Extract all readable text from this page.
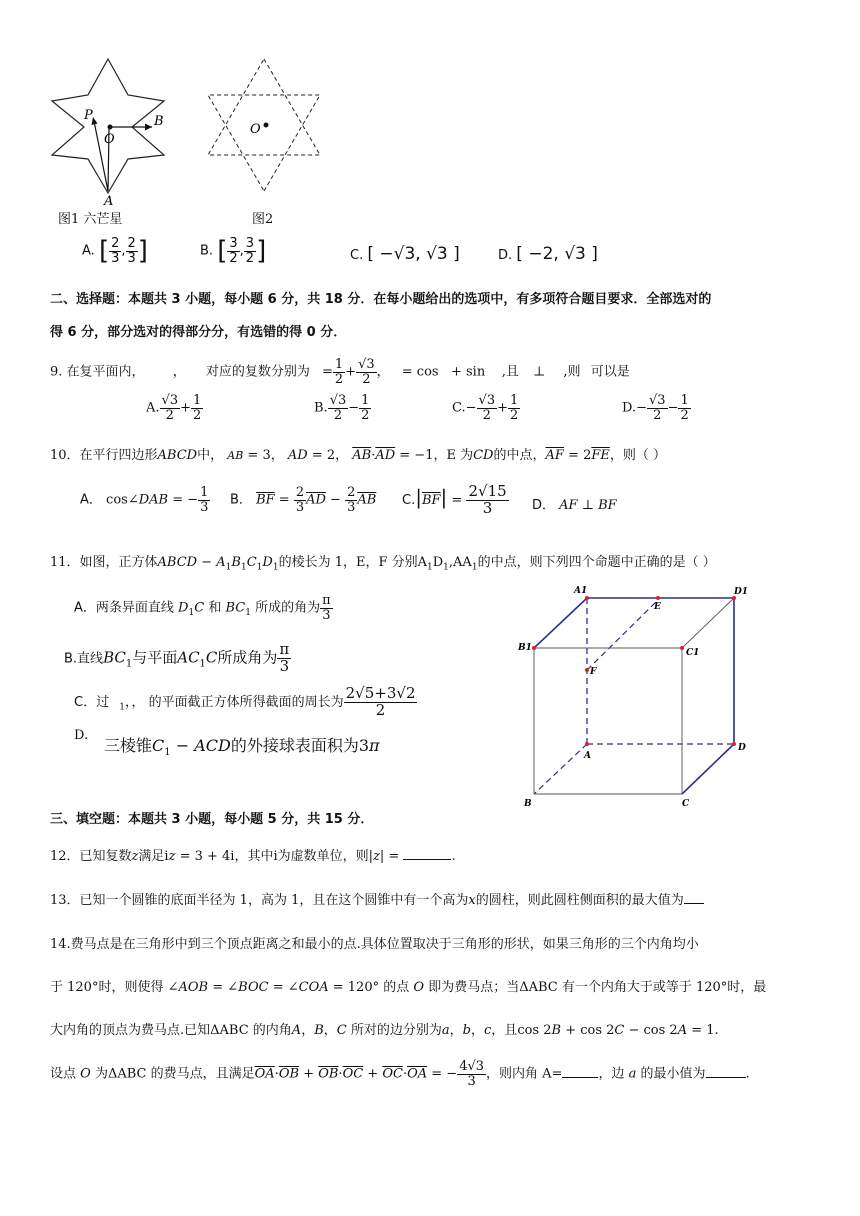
P
O
B
A
图1 六芒星
O
图2
A. [ $\frac{2}{3}$ , $\frac{2}{3}$ ]	B. [ $\frac{3}{2}$ , $\frac{3}{2}$ ]	C. [ −√3, √3 ]	D. [ −2, √3 ]
二、选择题：本题共 3 小题，每小题 6 分，共 18 分．在每小题给出的选项中，有多项符合题目要求．全部选对的
得 6 分，部分选对的得部分分，有选错的得 0 分．
9. 在复平面内， ， 对应的复数分别为 = $\frac{1}{2} + \frac{√3}{2}$ ， = cos   + sin    ,且 ⊥ ,则 可以是
A. $\frac{√3}{2} + \frac{1}{2}$	B. $\frac{√3}{2} - \frac{1}{2}$	$C.- \frac{√3}{2} + \frac{1}{2}$	$D.- \frac{√3}{2} - \frac{1}{2}$
10．在平行四边形ABCD中， AB = 3， AD = 2， $\overline{AB}\cdot\overline{AD} = -1$，E 为CD的中点，$\overline{AF} = 2\overline{FE}$，则（ ）
A． cos∠DAB = − $\frac{1}{3}$ B． $\overline{BF} = \frac{2}{3} \overline{AD} - \frac{2}{3} \overline{AB}$ $C.|\overline{BF}| = \frac{2√15}{3}$ D． AF ⊥ BF
11．如图，正方体ABCD − $A_1B_1C_1D_1$的棱长为 1，E，F 分别$A_1D_1,AA_1$的中点，则下列四个命题中正确的是（ ）
A．两条异面直线 $D_1C$ 和 $BC_1$ 所成的角为 $\frac{\pi}{3}$
B.直线$BC_1$与平面$AC_1C$所成角为 $\frac{\pi}{3}$
C．过 $_1$，， 的平面截正方体所得截面的周长为 $\frac{2√5+3√2}{2}$
D.
三棱锥$C_1$ − ACD的外接球表面积为3π
A1
E
D1
B1	C1
F
A
D
B	C
三、填空题：本题共 3 小题，每小题 5 分，共 15 分．
12．已知复数z满足iz = 3 + 4i，其中i为虚数单位，则|z| =	.
13．已知一个圆锥的底面半径为 1，高为 1，且在这个圆锥中有一个高为x的圆柱，则此圆柱侧面积的最大值为
14.费马点是在三角形中到三个顶点距离之和最小的点.具体位置取决于三角形的形状，如果三角形的三个内角均小
于 120°时，则使得 ∠AOB = ∠BOC = ∠COA = 120° 的点 O 即为费马点；当ΔABC 有一个内角大于或等于 120°时，最
大内角的顶点为费马点.已知ΔABC 的内角A，B，C 所对的边分别为a，b，c，且cos 2B + cos 2C − cos 2A = 1.
设点 O 为ΔABC 的费马点，且满足$\overline{OA}\cdot\overline{OB} + \overline{OB}\cdot\overline{OC} + \overline{OC}\cdot\overline{OA}$ = − $\frac{4√3}{3}$ ，则内角 A=	，边 a 的最小值为	.
